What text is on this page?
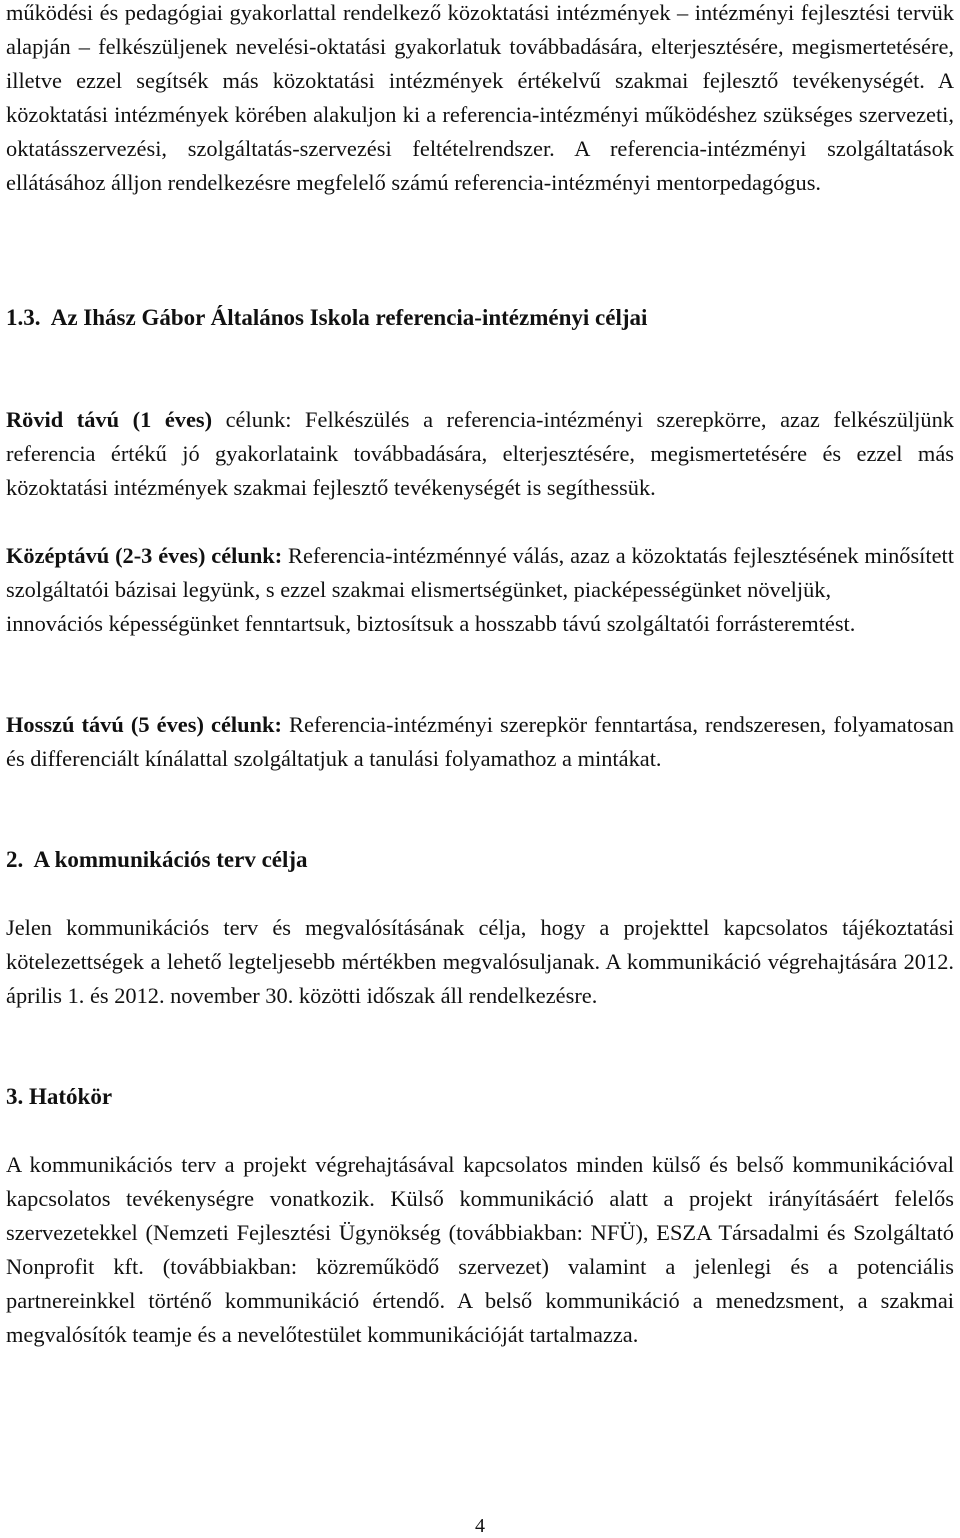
működési és pedagógiai gyakorlattal rendelkező közoktatási intézmények – intézményi fejlesztési tervük alapján – felkészüljenek nevelési-oktatási gyakorlatuk továbbadására, elterjesztésére, megismertetésére, illetve ezzel segítsék más közoktatási intézmények értékelvű szakmai fejlesztő tevékenységét. A közoktatási intézmények körében alakuljon ki a referencia-intézményi működéshez szükséges szervezeti, oktatásszervezési, szolgáltatás-szervezési feltételrendszer. A referencia-intézményi szolgáltatások ellátásához álljon rendelkezésre megfelelő számú referencia-intézményi mentorpedagógus.

1.3.  Az Ihász Gábor Általános Iskola referencia-intézményi céljai

Rövid távú (1 éves) célunk: Felkészülés a referencia-intézményi szerepkörre, azaz felkészüljünk referencia értékű jó gyakorlataink továbbadására, elterjesztésére, megismertetésére és ezzel más közoktatási intézmények szakmai fejlesztő tevékenységét is segíthessük.

Középtávú (2-3 éves) célunk: Referencia-intézménnyé válás, azaz a közoktatás fejlesztésének minősített szolgáltatói bázisai legyünk, s ezzel szakmai elismertségünket, piacképességünket növeljük,

innovációs képességünket fenntartsuk, biztosítsuk a hosszabb távú szolgáltatói forrásteremtést.

Hosszú távú (5 éves) célunk: Referencia-intézményi szerepkör fenntartása, rendszeresen, folyamatosan és differenciált kínálattal szolgáltatjuk a tanulási folyamathoz a mintákat.

2.  A kommunikációs terv célja

Jelen kommunikációs terv és megvalósításának célja, hogy a projekttel kapcsolatos tájékoztatási kötelezettségek a lehető legteljesebb mértékben megvalósuljanak. A kommunikáció végrehajtására 2012. április 1. és 2012. november 30. közötti időszak áll rendelkezésre.

3. Hatókör

A kommunikációs terv a projekt végrehajtásával kapcsolatos minden külső és belső kommunikációval kapcsolatos tevékenységre vonatkozik. Külső kommunikáció alatt a projekt irányításáért felelős szervezetekkel (Nemzeti Fejlesztési Ügynökség (továbbiakban: NFÜ), ESZA Társadalmi és Szolgáltató Nonprofit kft. (továbbiakban: közreműködő szervezet) valamint a jelenlegi és a potenciális partnereinkkel történő kommunikáció értendő. A belső kommunikáció a menedzsment, a szakmai megvalósítók teamje és a nevelőtestület kommunikációját tartalmazza.

4
